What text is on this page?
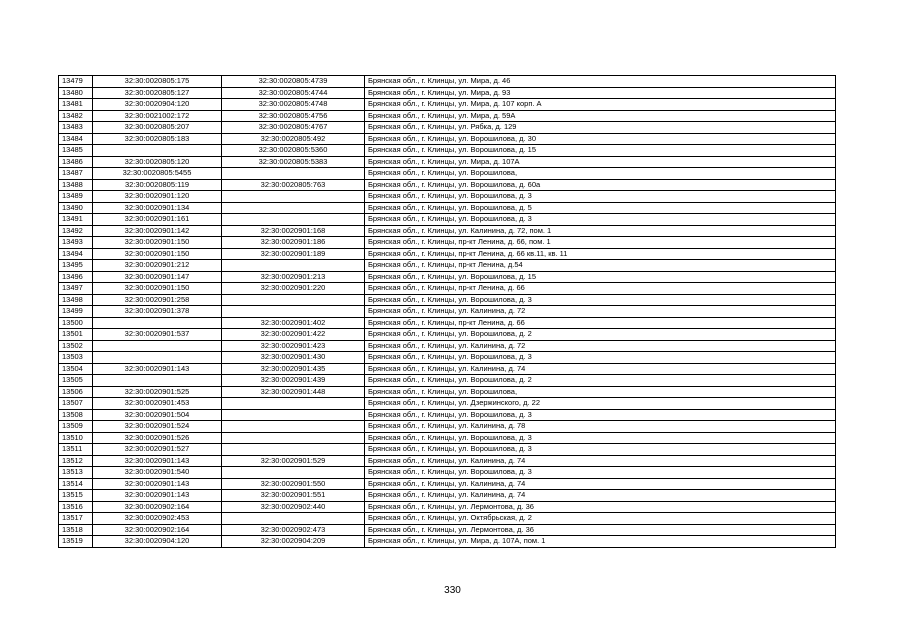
13479	32:30:0020805:175	32:30:0020805:4739	Брянская обл., г. Клинцы, ул. Мира, д. 46
13480	32:30:0020805:127	32:30:0020805:4744	Брянская обл., г. Клинцы, ул. Мира, д. 93
13481	32:30:0020904:120	32:30:0020805:4748	Брянская обл., г. Клинцы, ул. Мира, д. 107 корп. А
13482	32:30:0021002:172	32:30:0020805:4756	Брянская обл., г. Клинцы, ул. Мира, д. 59А
13483	32:30:0020805:207	32:30:0020805:4767	Брянская обл., г. Клинцы, ул. Рябка, д. 129
13484	32:30:0020805:183	32:30:0020805:492	Брянская обл., г. Клинцы, ул. Ворошилова, д. 30
13485		32:30:0020805:5360	Брянская обл., г. Клинцы, ул. Ворошилова, д. 15
13486	32:30:0020805:120	32:30:0020805:5383	Брянская обл., г. Клинцы, ул. Мира, д. 107А
13487	32:30:0020805:5455		Брянская обл., г. Клинцы, ул. Ворошилова,
13488	32:30:0020805:119	32:30:0020805:763	Брянская обл., г. Клинцы, ул. Ворошилова, д. 60а
13489	32:30:0020901:120		Брянская обл., г. Клинцы, ул. Ворошилова, д. 3
13490	32:30:0020901:134		Брянская обл., г. Клинцы, ул. Ворошилова, д. 5
13491	32:30:0020901:161		Брянская обл., г. Клинцы, ул. Ворошилова, д. 3
13492	32:30:0020901:142	32:30:0020901:168	Брянская обл., г. Клинцы, ул. Калинина, д. 72, пом. 1
13493	32:30:0020901:150	32:30:0020901:186	Брянская обл., г. Клинцы, пр-кт Ленина, д. 66, пом. 1
13494	32:30:0020901:150	32:30:0020901:189	Брянская обл., г. Клинцы, пр-кт Ленина, д. 66 кв.11, кв. 11
13495	32:30:0020901:212		Брянская обл., г. Клинцы, пр-кт Ленина, д.54
13496	32:30:0020901:147	32:30:0020901:213	Брянская обл., г. Клинцы, ул. Ворошилова, д. 15
13497	32:30:0020901:150	32:30:0020901:220	Брянская обл., г. Клинцы, пр-кт Ленина, д. 66
13498	32:30:0020901:258		Брянская обл., г. Клинцы, ул. Ворошилова, д. 3
13499	32:30:0020901:378		Брянская обл., г. Клинцы, ул. Калинина, д. 72
13500		32:30:0020901:402	Брянская обл., г. Клинцы, пр-кт Ленина, д. 66
13501	32:30:0020901:537	32:30:0020901:422	Брянская обл., г. Клинцы, ул. Ворошилова, д. 2
13502		32:30:0020901:423	Брянская обл., г. Клинцы, ул. Калинина, д. 72
13503		32:30:0020901:430	Брянская обл., г. Клинцы, ул. Ворошилова, д. 3
13504	32:30:0020901:143	32:30:0020901:435	Брянская обл., г. Клинцы, ул. Калинина, д. 74
13505		32:30:0020901:439	Брянская обл., г. Клинцы, ул. Ворошилова, д. 2
13506	32:30:0020901:525	32:30:0020901:448	Брянская обл., г. Клинцы, ул. Ворошилова,
13507	32:30:0020901:453		Брянская обл., г. Клинцы, ул. Дзержинского, д. 22
13508	32:30:0020901:504		Брянская обл., г. Клинцы, ул. Ворошилова, д. 3
13509	32:30:0020901:524		Брянская обл., г. Клинцы, ул. Калинина, д. 78
13510	32:30:0020901:526		Брянская обл., г. Клинцы, ул. Ворошилова, д. 3
13511	32:30:0020901:527		Брянская обл., г. Клинцы, ул. Ворошилова, д. 3
13512	32:30:0020901:143	32:30:0020901:529	Брянская обл., г. Клинцы, ул. Калинина, д. 74
13513	32:30:0020901:540		Брянская обл., г. Клинцы, ул. Ворошилова, д. 3
13514	32:30:0020901:143	32:30:0020901:550	Брянская обл., г. Клинцы, ул. Калинина, д. 74
13515	32:30:0020901:143	32:30:0020901:551	Брянская обл., г. Клинцы, ул. Калинина, д. 74
13516	32:30:0020902:164	32:30:0020902:440	Брянская обл., г. Клинцы, ул. Лермонтова, д. 36
13517	32:30:0020902:453		Брянская обл., г. Клинцы, ул. Октябрьская, д. 2
13518	32:30:0020902:164	32:30:0020902:473	Брянская обл., г. Клинцы, ул. Лермонтова, д. 36
13519	32:30:0020904:120	32:30:0020904:209	Брянская обл., г. Клинцы, ул. Мира, д. 107А, пом. 1
330
